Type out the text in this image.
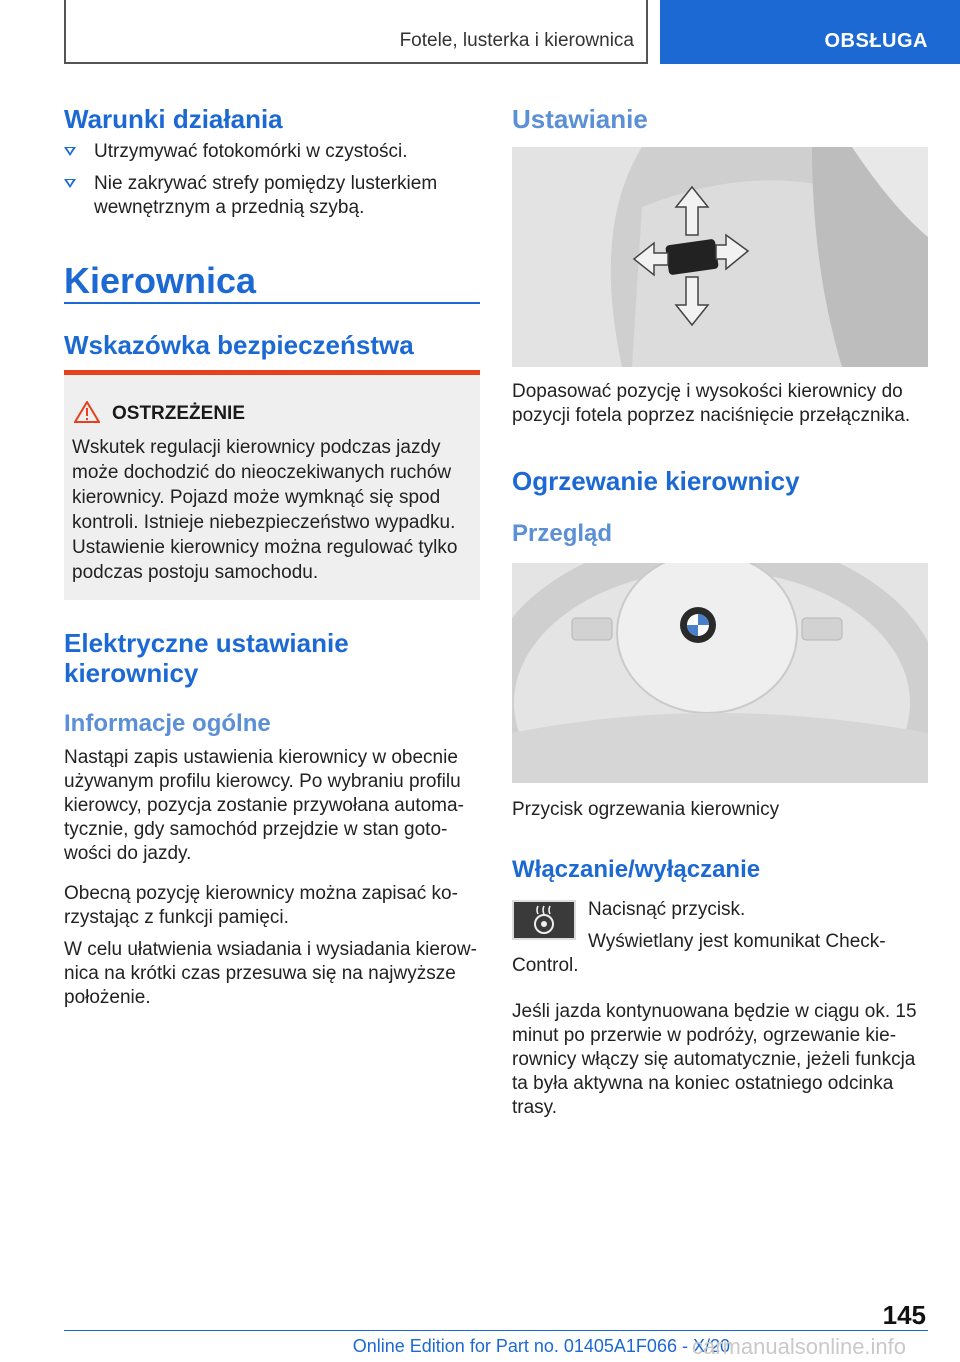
Fotele, lusterka i kierownica	OBSŁUGA
Warunki działania
Utrzymywać fotokomórki w czystości.
Nie zakrywać strefy pomiędzy lusterkiem wewnętrznym a przednią szybą.
Kierownica
Wskazówka bezpieczeństwa
OSTRZEŻENIE
Wskutek regulacji kierownicy podczas jazdy może dochodzić do nieoczekiwanych ruchów kierownicy. Pojazd może wymknąć się spod kontroli. Istnieje niebezpieczeństwo wypadku. Ustawienie kierownicy można regulować tylko podczas postoju samochodu.
Elektryczne ustawianie kierownicy
Informacje ogólne
Nastąpi zapis ustawienia kierownicy w obecnie używanym profilu kierowcy. Po wybraniu profilu kierowcy, pozycja zostanie przywołana automatycznie, gdy samochód przejdzie w stan gotowości do jazdy.
Obecną pozycję kierownicy można zapisać korzystając z funkcji pamięci.
W celu ułatwienia wsiadania i wysiadania kierownica na krótki czas przesuwa się na najwyższe położenie.
Ustawianie
Dopasować pozycję i wysokości kierownicy do pozycji fotela poprzez naciśnięcie przełącznika.
Ogrzewanie kierownicy
Przegląd
Przycisk ogrzewania kierownicy
Włączanie/wyłączanie
Nacisnąć przycisk.
Wyświetlany jest komunikat Check-Control.
Jeśli jazda kontynuowana będzie w ciągu ok. 15 minut po przerwie w podróży, ogrzewanie kierownicy włączy się automatycznie, jeżeli funkcja ta była aktywna na koniec ostatniego odcinka trasy.
145
Online Edition for Part no. 01405A1F066 - X/20
carmanualsonline.info
